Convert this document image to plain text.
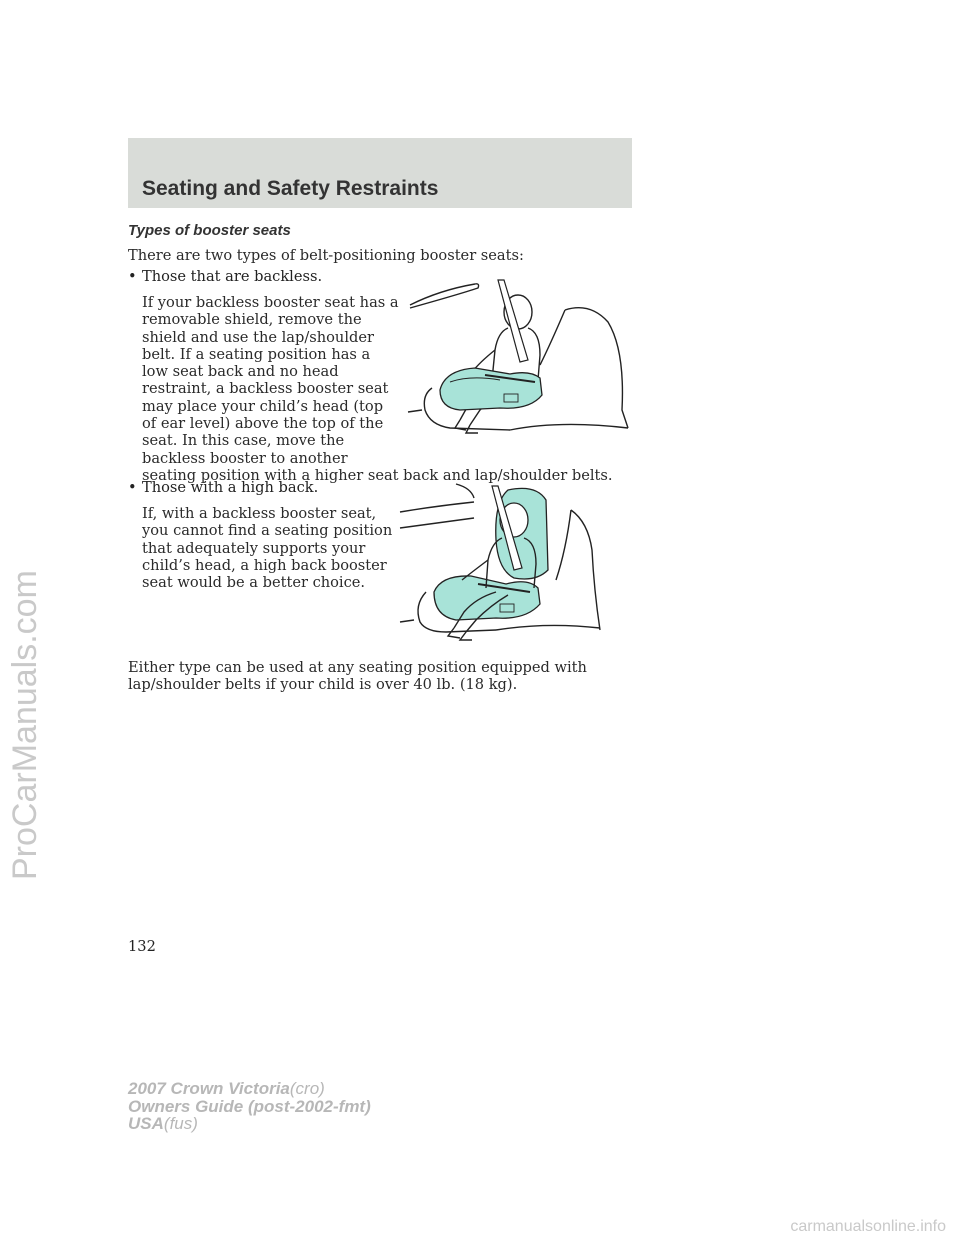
Seating and Safety Restraints
Types of booster seats
There are two types of belt-positioning booster seats:
• Those that are backless.
If your backless booster seat has a
removable shield, remove the
shield and use the lap/shoulder
belt. If a seating position has a
low seat back and no head
restraint, a backless booster seat
may place your child’s head (top
of ear level) above the top of the
seat. In this case, move the
backless booster to another
seating position with a higher seat back and lap/shoulder belts.
• Those with a high back.
If, with a backless booster seat,
you cannot find a seating position
that adequately supports your
child’s head, a high back booster
seat would be a better choice.
Either type can be used at any seating position equipped with
lap/shoulder belts if your child is over 40 lb. (18 kg).
132
2007 Crown Victoria(cro)
Owners Guide (post-2002-fmt)
USA(fus)
ProCarManuals.com
carmanualsonline.info
